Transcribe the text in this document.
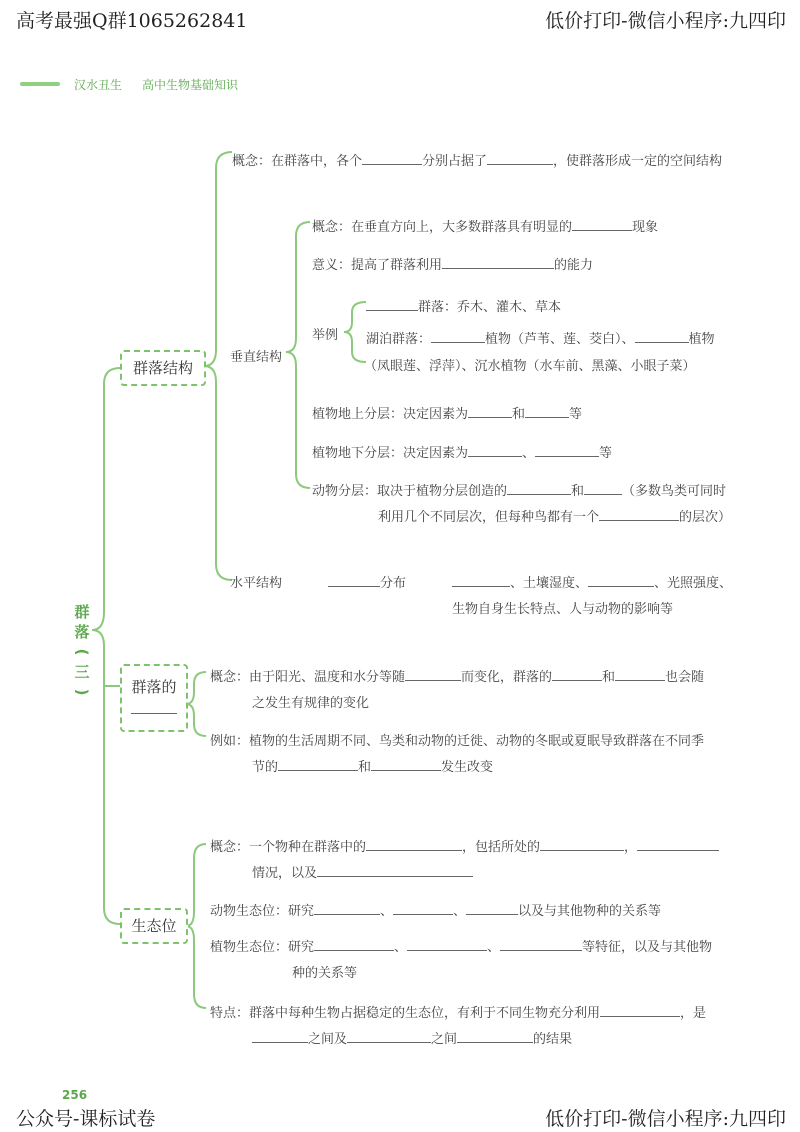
高考最强Q群1065262841	低价打印-微信小程序:九四印
汉水丑生 高中生物基础知识
群
落
(
三
)
群落结构
概念：在群落中，各个	分别占据了	，使群落形成一定的空间结构
垂直结构
概念：在垂直方向上，大多数群落具有明显的	现象
意义：提高了群落利用	的能力
举例
群落：乔木、灌木、草本
湖泊群落：	植物（芦苇、莲、茭白）、	植物
（凤眼莲、浮萍）、沉水植物（水车前、黑藻、小眼子菜）
植物地上分层：决定因素为	和	等
植物地下分层：决定因素为	、	等
动物分层：取决于植物分层创造的	和	（多数鸟类可同时
利用几个不同层次，但每种鸟都有一个	的层次）
水平结构	分布	、土壤湿度、	、光照强度、
生物自身生长特点、人与动物的影响等
群落的
概念：由于阳光、温度和水分等随	而变化，群落的	和	也会随
之发生有规律的变化
例如：植物的生活周期不同、鸟类和动物的迁徙、动物的冬眠或夏眠导致群落在不同季
节的	和	发生改变
生态位
概念：一个物种在群落中的	，包括所处的	，
情况，以及
动物生态位：研究	、	、	以及与其他物种的关系等
植物生态位：研究	、	、	等特征，以及与其他物
种的关系等
特点：群落中每种生物占据稳定的生态位，有利于不同生物充分利用	，是
之间及	之间	的结果
256
公众号-课标试卷	低价打印-微信小程序:九四印
